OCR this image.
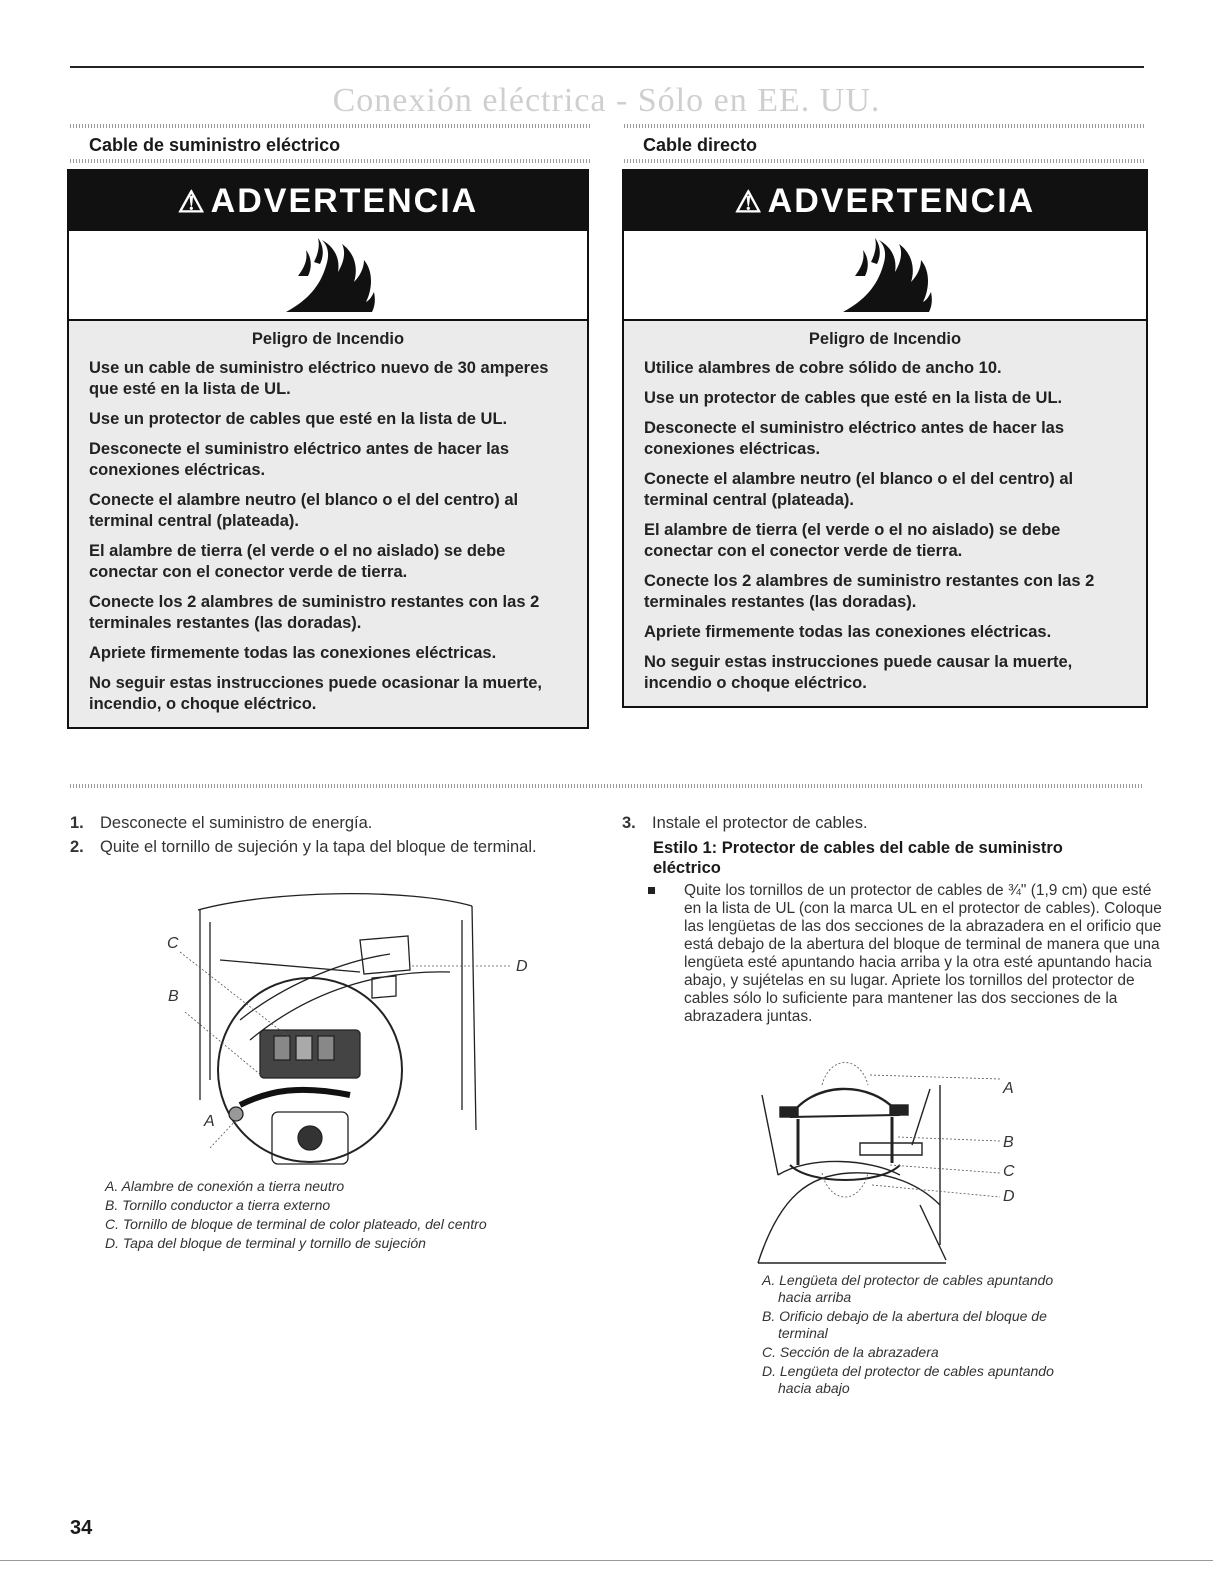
Conexión eléctrica - Sólo en EE. UU.
Cable de suministro eléctrico	Cable directo
⚠ ADVERTENCIA
Peligro de Incendio

Use un cable de suministro eléctrico nuevo de 30 amperes que esté en la lista de UL.

Use un protector de cables que esté en la lista de UL.

Desconecte el suministro eléctrico antes de hacer las conexiones eléctricas.

Conecte el alambre neutro (el blanco o el del centro) al terminal central (plateada).

El alambre de tierra (el verde o el no aislado) se debe conectar con el conector verde de tierra.

Conecte los 2 alambres de suministro restantes con las 2 terminales restantes (las doradas).

Apriete firmemente todas las conexiones eléctricas.

No seguir estas instrucciones puede ocasionar la muerte, incendio, o choque eléctrico.

⚠ ADVERTENCIA
Peligro de Incendio

Utilice alambres de cobre sólido de ancho 10.

Use un protector de cables que esté en la lista de UL.

Desconecte el suministro eléctrico antes de hacer las conexiones eléctricas.

Conecte el alambre neutro (el blanco o el del centro) al terminal central (plateada).

El alambre de tierra (el verde o el no aislado) se debe conectar con el conector verde de tierra.

Conecte los 2 alambres de suministro restantes con las 2 terminales restantes (las doradas).

Apriete firmemente todas las conexiones eléctricas.

No seguir estas instrucciones puede causar la muerte, incendio o choque eléctrico.

1. Desconecte el suministro de energía.
2. Quite el tornillo de sujeción y la tapa del bloque de terminal.
C
B
A
D
A. Alambre de conexión a tierra neutro
B. Tornillo conductor a tierra externo
C. Tornillo de bloque de terminal de color plateado, del centro
D. Tapa del bloque de terminal y tornillo de sujeción
3. Instale el protector de cables.
Estilo 1: Protector de cables del cable de suministro eléctrico
Quite los tornillos de un protector de cables de ¾" (1,9 cm) que esté en la lista de UL (con la marca UL en el protector de cables). Coloque las lengüetas de las dos secciones de la abrazadera en el orificio que está debajo de la abertura del bloque de terminal de manera que una lengüeta esté apuntando hacia arriba y la otra esté apuntando hacia abajo, y sujételas en su lugar. Apriete los tornillos del protector de cables sólo lo suficiente para mantener las dos secciones de la abrazadera juntas.
A
B
C
D
A. Lengüeta del protector de cables apuntando hacia arriba
B. Orificio debajo de la abertura del bloque de terminal
C. Sección de la abrazadera
D. Lengüeta del protector de cables apuntando hacia abajo
34
